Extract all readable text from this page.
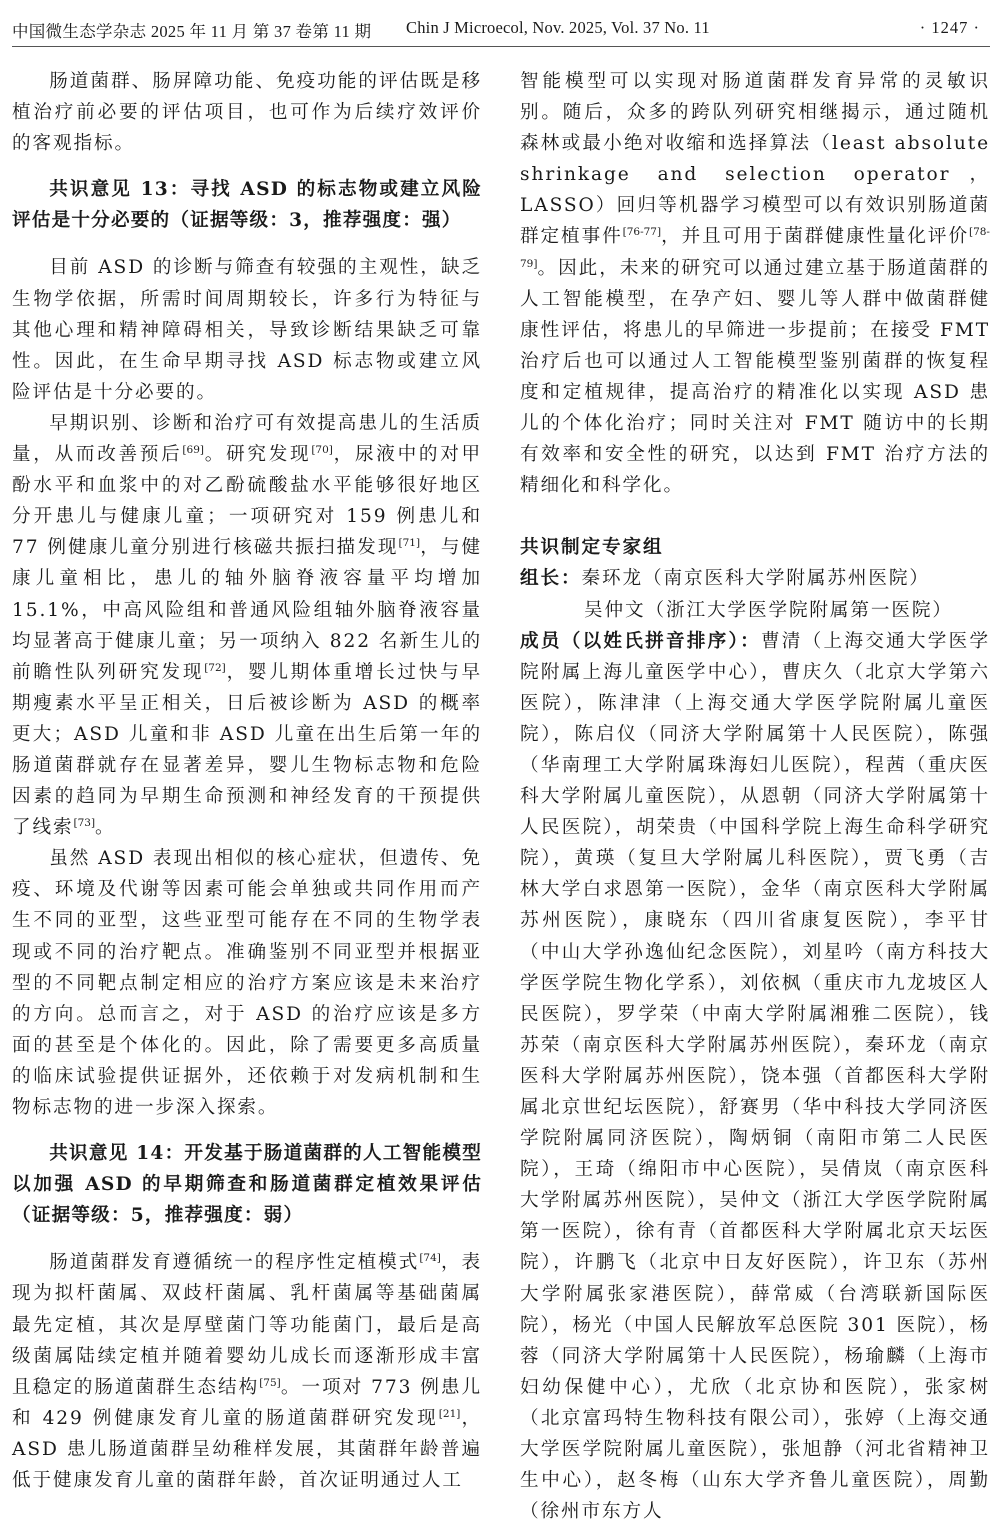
中国微生态学杂志 2025 年 11 月 第 37 卷第 11 期 Chin J Microecol, Nov. 2025, Vol. 37 No. 11	· 1247 ·

肠道菌群、肠屏障功能、免疫功能的评估既是移植治疗前必要的评估项目，也可作为后续疗效评价的客观指标。

共识意见 13：寻找 ASD 的标志物或建立风险评估是十分必要的（证据等级：3，推荐强度：强）

目前 ASD 的诊断与筛查有较强的主观性，缺乏生物学依据，所需时间周期较长，许多行为特征与其他心理和精神障碍相关，导致诊断结果缺乏可靠性。因此，在生命早期寻找 ASD 标志物或建立风险评估是十分必要的。

早期识别、诊断和治疗可有效提高患儿的生活质量，从而改善预后[69]。研究发现[70]，尿液中的对甲酚水平和血浆中的对乙酚硫酸盐水平能够很好地区分开患儿与健康儿童；一项研究对 159 例患儿和 77 例健康儿童分别进行核磁共振扫描发现[71]，与健康儿童相比，患儿的轴外脑脊液容量平均增加 15.1%，中高风险组和普通风险组轴外脑脊液容量均显著高于健康儿童；另一项纳入 822 名新生儿的前瞻性队列研究发现[72]，婴儿期体重增长过快与早期瘦素水平呈正相关，日后被诊断为 ASD 的概率更大；ASD 儿童和非 ASD 儿童在出生后第一年的肠道菌群就存在显著差异，婴儿生物标志物和危险因素的趋同为早期生命预测和神经发育的干预提供了线索[73]。

虽然 ASD 表现出相似的核心症状，但遗传、免疫、环境及代谢等因素可能会单独或共同作用而产生不同的亚型，这些亚型可能存在不同的生物学表现或不同的治疗靶点。准确鉴别不同亚型并根据亚型的不同靶点制定相应的治疗方案应该是未来治疗的方向。总而言之，对于 ASD 的治疗应该是多方面的甚至是个体化的。因此，除了需要更多高质量的临床试验提供证据外，还依赖于对发病机制和生物标志物的进一步深入探索。

共识意见 14：开发基于肠道菌群的人工智能模型以加强 ASD 的早期筛查和肠道菌群定植效果评估（证据等级：5，推荐强度：弱）

肠道菌群发育遵循统一的程序性定植模式[74]，表现为拟杆菌属、双歧杆菌属、乳杆菌属等基础菌属最先定植，其次是厚壁菌门等功能菌门，最后是高级菌属陆续定植并随着婴幼儿成长而逐渐形成丰富且稳定的肠道菌群生态结构[75]。一项对 773 例患儿和 429 例健康发育儿童的肠道菌群研究发现[21]，ASD 患儿肠道菌群呈幼稚样发展，其菌群年龄普遍低于健康发育儿童的菌群年龄，首次证明通过人工

智能模型可以实现对肠道菌群发育异常的灵敏识别。随后，众多的跨队列研究相继揭示，通过随机森林或最小绝对收缩和选择算法（least absolute shrinkage and selection operator，LASSO）回归等机器学习模型可以有效识别肠道菌群定植事件[76-77]，并且可用于菌群健康性量化评价[78-79]。因此，未来的研究可以通过建立基于肠道菌群的人工智能模型，在孕产妇、婴儿等人群中做菌群健康性评估，将患儿的早筛进一步提前；在接受 FMT 治疗后也可以通过人工智能模型鉴别菌群的恢复程度和定植规律，提高治疗的精准化以实现 ASD 患儿的个体化治疗；同时关注对 FMT 随访中的长期有效率和安全性的研究，以达到 FMT 治疗方法的精细化和科学化。

共识制定专家组

组长：秦环龙（南京医科大学附属苏州医院）

吴仲文（浙江大学医学院附属第一医院）

成员（以姓氏拼音排序）：曹清（上海交通大学医学院附属上海儿童医学中心），曹庆久（北京大学第六医院），陈津津（上海交通大学医学院附属儿童医院），陈启仪（同济大学附属第十人民医院），陈强（华南理工大学附属珠海妇儿医院），程茜（重庆医科大学附属儿童医院），从恩朝（同济大学附属第十人民医院），胡荣贵（中国科学院上海生命科学研究院），黄瑛（复旦大学附属儿科医院），贾飞勇（吉林大学白求恩第一医院），金华（南京医科大学附属苏州医院），康晓东（四川省康复医院），李平甘（中山大学孙逸仙纪念医院），刘星吟（南方科技大学医学院生物化学系），刘依枫（重庆市九龙坡区人民医院），罗学荣（中南大学附属湘雅二医院），钱苏荣（南京医科大学附属苏州医院），秦环龙（南京医科大学附属苏州医院），饶本强（首都医科大学附属北京世纪坛医院），舒赛男（华中科技大学同济医学院附属同济医院），陶炳铜（南阳市第二人民医院），王琦（绵阳市中心医院），吴倩岚（南京医科大学附属苏州医院），吴仲文（浙江大学医学院附属第一医院），徐有青（首都医科大学附属北京天坛医院），许鹏飞（北京中日友好医院），许卫东（苏州大学附属张家港医院），薛常威（台湾联新国际医院），杨光（中国人民解放军总医院 301 医院），杨蓉（同济大学附属第十人民医院），杨瑜麟（上海市妇幼保健中心），尤欣（北京协和医院），张家树（北京富玛特生物科技有限公司），张婷（上海交通大学医学院附属儿童医院），张旭静（河北省精神卫生中心），赵冬梅（山东大学齐鲁儿童医院），周勤（徐州市东方人
